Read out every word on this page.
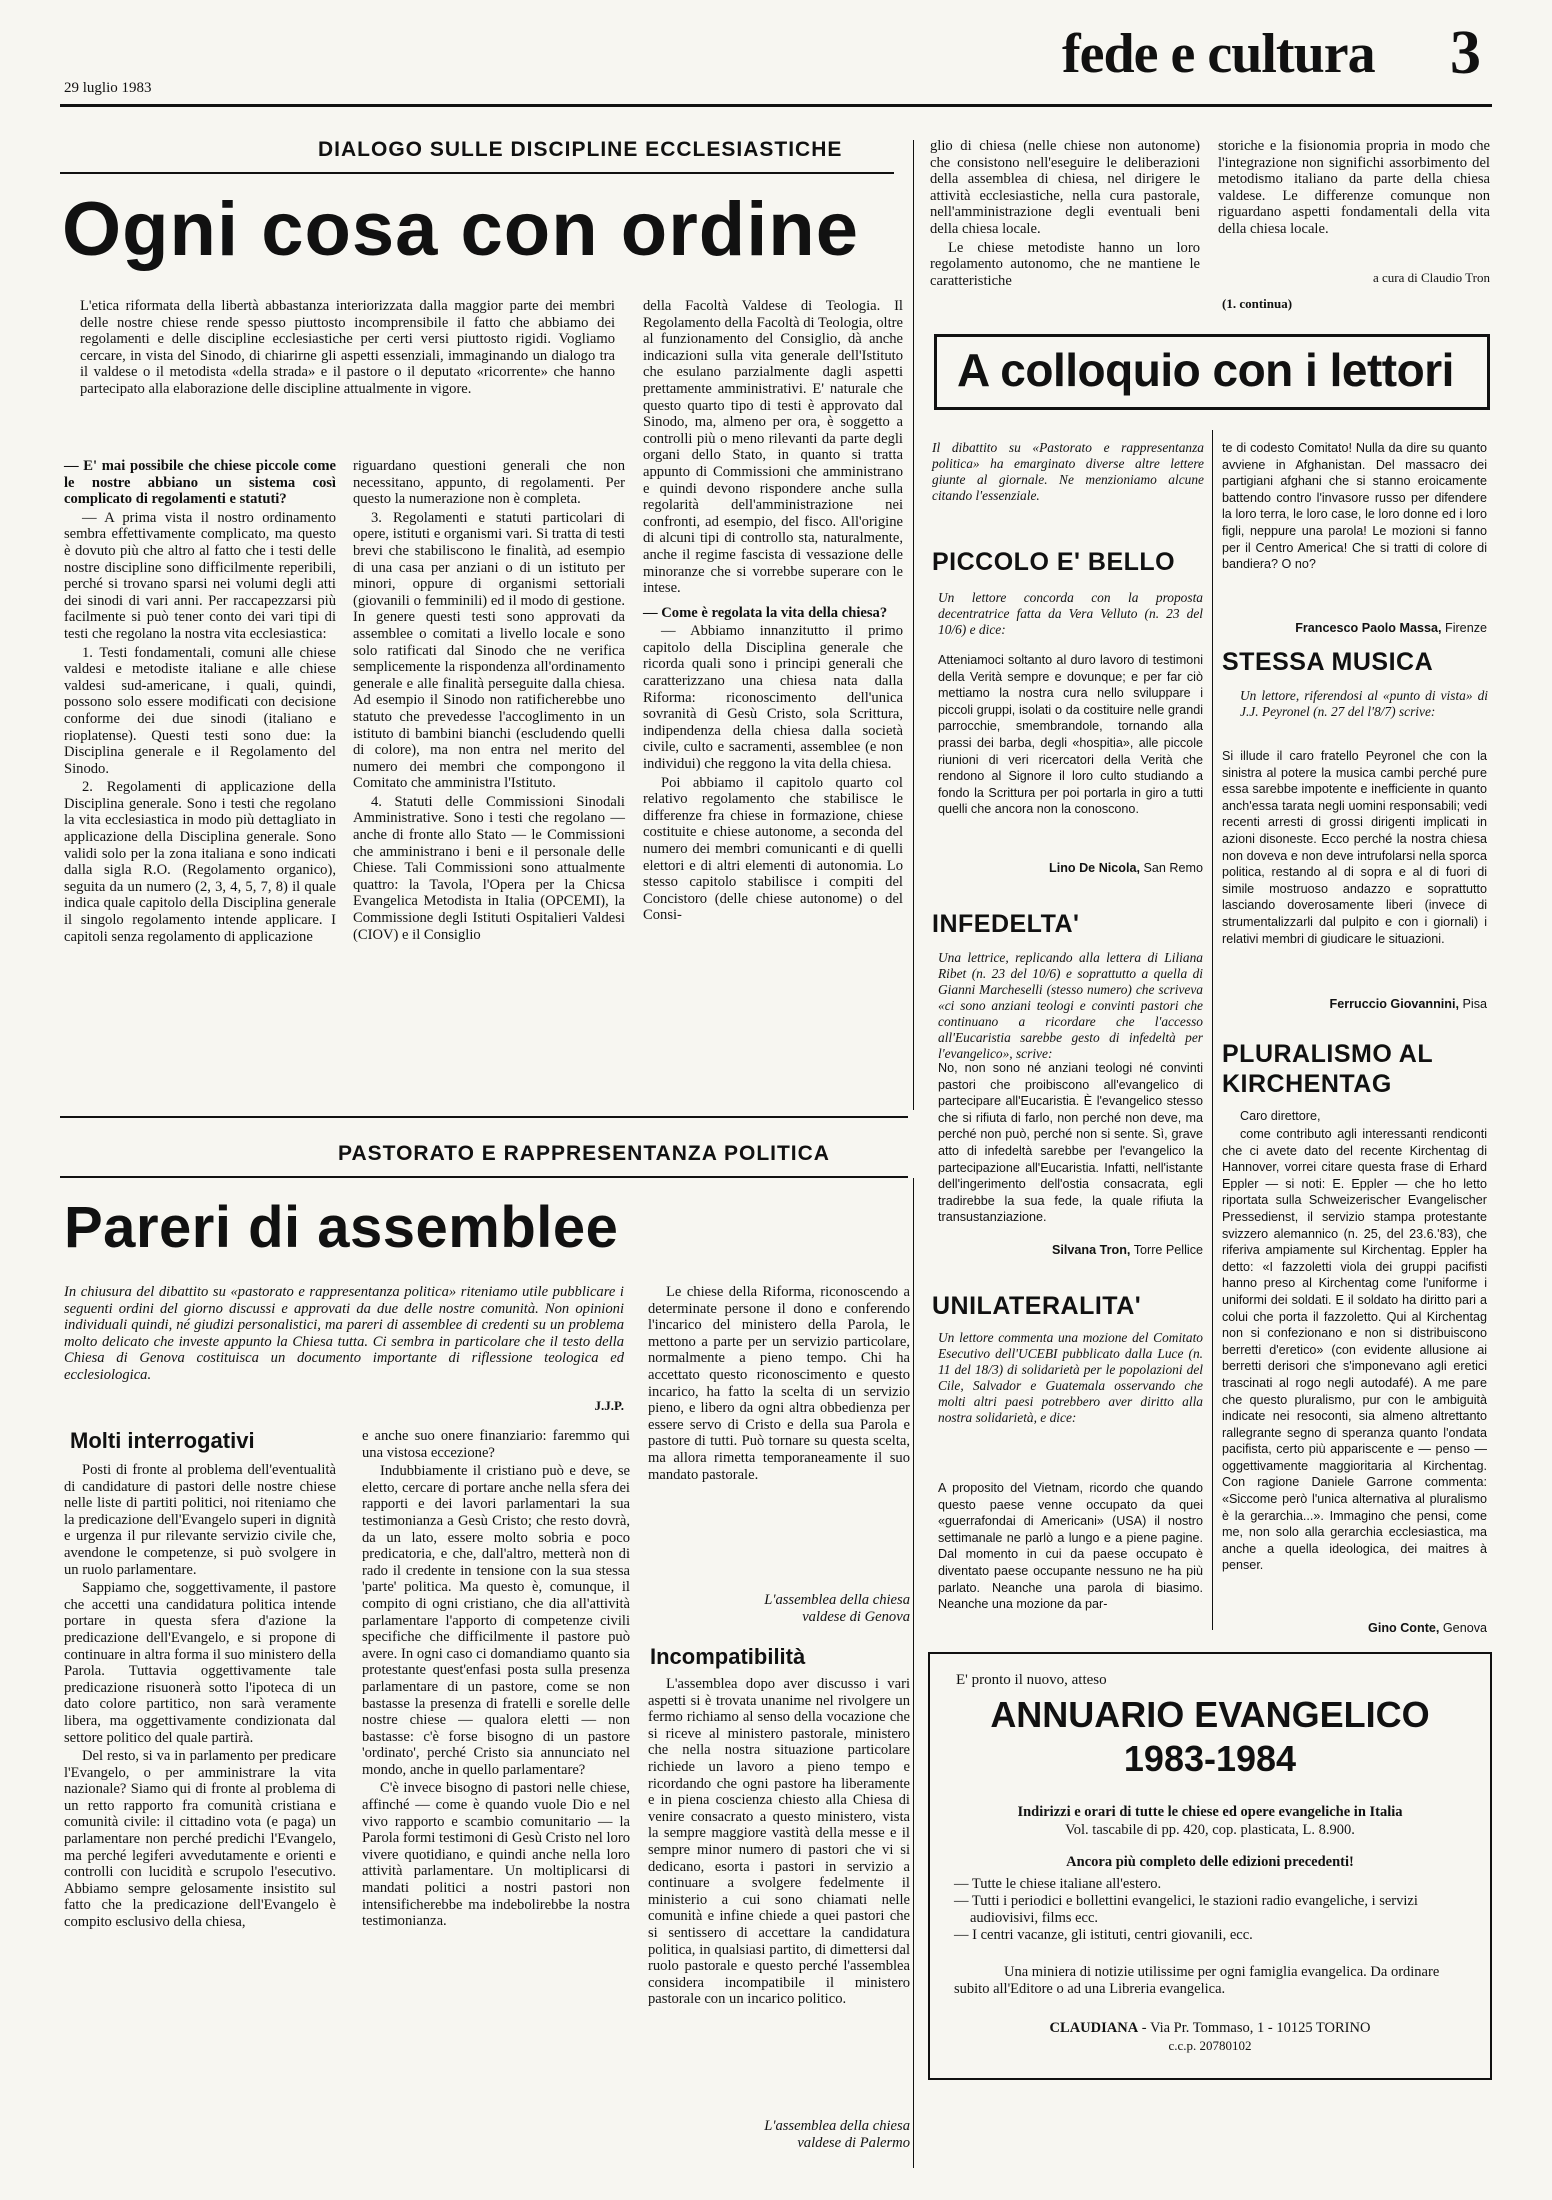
29 luglio 1983
fede e cultura 3
DIALOGO SULLE DISCIPLINE ECCLESIASTICHE
Ogni cosa con ordine
L'etica riformata della libertà abbastanza interiorizzata dalla maggior parte dei membri delle nostre chiese rende spesso piuttosto incomprensibile il fatto che abbiamo dei regolamenti e delle discipline ecclesiastiche per certi versi piuttosto rigidi. Vogliamo cercare, in vista del Sinodo, di chiarirne gli aspetti essenziali, immaginando un dialogo tra il valdese o il metodista «della strada» e il pastore o il deputato «ricorrente» che hanno partecipato alla elaborazione delle discipline attualmente in vigore.

— E' mai possibile che chiese piccole come le nostre abbiano un sistema così complicato di regolamenti e statuti?

— A prima vista il nostro ordinamento sembra effettivamente complicato, ma questo è dovuto più che altro al fatto che i testi delle nostre discipline sono difficilmente reperibili, perché si trovano sparsi nei volumi degli atti dei sinodi di vari anni. Per raccapezzarsi più facilmente si può tener conto dei vari tipi di testi che regolano la nostra vita ecclesiastica:

1. Testi fondamentali, comuni alle chiese valdesi e metodiste italiane e alle chiese valdesi sud-americane, i quali, quindi, possono solo essere modificati con decisione conforme dei due sinodi (italiano e rioplatense). Questi testi sono due: la Disciplina generale e il Regolamento del Sinodo.

2. Regolamenti di applicazione della Disciplina generale. Sono i testi che regolano la vita ecclesiastica in modo più dettagliato in applicazione della Disciplina generale. Sono validi solo per la zona italiana e sono indicati dalla sigla R.O. (Regolamento organico), seguita da un numero (2, 3, 4, 5, 7, 8) il quale indica quale capitolo della Disciplina generale il singolo regolamento intende applicare. I capitoli senza regolamento di applicazione

riguardano questioni generali che non necessitano, appunto, di regolamenti. Per questo la numerazione non è completa.

3. Regolamenti e statuti particolari di opere, istituti e organismi vari. Si tratta di testi brevi che stabiliscono le finalità, ad esempio di una casa per anziani o di un istituto per minori, oppure di organismi settoriali (giovanili o femminili) ed il modo di gestione. In genere questi testi sono approvati da assemblee o comitati a livello locale e sono solo ratificati dal Sinodo che ne verifica semplicemente la rispondenza all'ordinamento generale e alle finalità perseguite dalla chiesa. Ad esempio il Sinodo non ratificherebbe uno statuto che prevedesse l'accoglimento in un istituto di bambini bianchi (escludendo quelli di colore), ma non entra nel merito del numero dei membri che compongono il Comitato che amministra l'Istituto.

4. Statuti delle Commissioni Sinodali Amministrative. Sono i testi che regolano — anche di fronte allo Stato — le Commissioni che amministrano i beni e il personale delle Chiese. Tali Commissioni sono attualmente quattro: la Tavola, l'Opera per la Chicsa Evangelica Metodista in Italia (OPCEMI), la Commissione degli Istituti Ospitalieri Valdesi (CIOV) e il Consiglio

della Facoltà Valdese di Teologia. Il Regolamento della Facoltà di Teologia, oltre al funzionamento del Consiglio, dà anche indicazioni sulla vita generale dell'Istituto che esulano parzialmente dagli aspetti prettamente amministrativi. E' naturale che questo quarto tipo di testi è approvato dal Sinodo, ma, almeno per ora, è soggetto a controlli più o meno rilevanti da parte degli organi dello Stato, in quanto si tratta appunto di Commissioni che amministrano e quindi devono rispondere anche sulla regolarità dell'amministrazione nei confronti, ad esempio, del fisco. All'origine di alcuni tipi di controllo sta, naturalmente, anche il regime fascista di vessazione delle minoranze che si vorrebbe superare con le intese.

— Come è regolata la vita della chiesa?

— Abbiamo innanzitutto il primo capitolo della Disciplina generale che ricorda quali sono i principi generali che caratterizzano una chiesa nata dalla Riforma: riconoscimento dell'unica sovranità di Gesù Cristo, sola Scrittura, indipendenza della chiesa dalla società civile, culto e sacramenti, assemblee (e non individui) che reggono la vita della chiesa.

Poi abbiamo il capitolo quarto col relativo regolamento che stabilisce le differenze fra chiese in formazione, chiese costituite e chiese autonome, a seconda del numero dei membri comunicanti e di quelli elettori e di altri elementi di autonomia. Lo stesso capitolo stabilisce i compiti del Concistoro (delle chiese autonome) o del Consi-

glio di chiesa (nelle chiese non autonome) che consistono nell'eseguire le deliberazioni della assemblea di chiesa, nel dirigere le attività ecclesiastiche, nella cura pastorale, nell'amministrazione degli eventuali beni della chiesa locale.

Le chiese metodiste hanno un loro regolamento autonomo, che ne mantiene le caratteristiche

storiche e la fisionomia propria in modo che l'integrazione non significhi assorbimento del metodismo italiano da parte della chiesa valdese. Le differenze comunque non riguardano aspetti fondamentali della vita della chiesa locale.

a cura di Claudio Tron
(1. continua)
A colloquio con i lettori
Il dibattito su «Pastorato e rappresentanza politica» ha emarginato diverse altre lettere giunte al giornale. Ne menzioniamo alcune citando l'essenziale.
PICCOLO E' BELLO
Un lettore concorda con la proposta decentratrice fatta da Vera Velluto (n. 23 del 10/6) e dice:
Atteniamoci soltanto al duro lavoro di testimoni della Verità sempre e dovunque; e per far ciò mettiamo la nostra cura nello sviluppare i piccoli gruppi, isolati o da costituire nelle grandi parrocchie, smembrandole, tornando alla prassi dei barba, degli «hospitia», alle piccole riunioni di veri ricercatori della Verità che rendono al Signore il loro culto studiando a fondo la Scrittura per poi portarla in giro a tutti quelli che ancora non la conoscono.
Lino De Nicola, San Remo
INFEDELTA'
Una lettrice, replicando alla lettera di Liliana Ribet (n. 23 del 10/6) e soprattutto a quella di Gianni Marcheselli (stesso numero) che scriveva «ci sono anziani teologi e convinti pastori che continuano a ricordare che l'accesso all'Eucaristia sarebbe gesto di infedeltà per l'evangelico», scrive:
No, non sono né anziani teologi né convinti pastori che proibiscono all'evangelico di partecipare all'Eucaristia. È l'evangelico stesso che si rifiuta di farlo, non perché non deve, ma perché non può, perché non si sente. Sì, grave atto di infedeltà sarebbe per l'evangelico la partecipazione all'Eucaristia. Infatti, nell'istante dell'ingerimento dell'ostia consacrata, egli tradirebbe la sua fede, la quale rifiuta la transustanziazione.
Silvana Tron, Torre Pellice
UNILATERALITA'
Un lettore commenta una mozione del Comitato Esecutivo dell'UCEBI pubblicato dalla Luce (n. 11 del 18/3) di solidarietà per le popolazioni del Cile, Salvador e Guatemala osservando che molti altri paesi potrebbero aver diritto alla nostra solidarietà, e dice:
A proposito del Vietnam, ricordo che quando questo paese venne occupato da quei «guerrafondai di Americani» (USA) il nostro settimanale ne parlò a lungo e a piene pagine. Dal momento in cui da paese occupato è diventato paese occupante nessuno ne ha più parlato. Neanche una parola di biasimo. Neanche una mozione da par-
te di codesto Comitato! Nulla da dire su quanto avviene in Afghanistan. Del massacro dei partigiani afghani che si stanno eroicamente battendo contro l'invasore russo per difendere la loro terra, le loro case, le loro donne ed i loro figli, neppure una parola! Le mozioni si fanno per il Centro America! Che si tratti di colore di bandiera? O no?
Francesco Paolo Massa, Firenze
STESSA MUSICA
Un lettore, riferendosi al «punto di vista» di J.J. Peyronel (n. 27 del l'8/7) scrive:
Si illude il caro fratello Peyronel che con la sinistra al potere la musica cambi perché pure essa sarebbe impotente e inefficiente in quanto anch'essa tarata negli uomini responsabili; vedi recenti arresti di grossi dirigenti implicati in azioni disoneste. Ecco perché la nostra chiesa non doveva e non deve intrufolarsi nella sporca politica, restando al di sopra e al di fuori di simile mostruoso andazzo e soprattutto lasciando doverosamente liberi (invece di strumentalizzarli dal pulpito e con i giornali) i relativi membri di giudicare le situazioni.
Ferruccio Giovannini, Pisa
PLURALISMO AL
KIRCHENTAG
Caro direttore,
come contributo agli interessanti rendiconti che ci avete dato del recente Kirchentag di Hannover, vorrei citare questa frase di Erhard Eppler — si noti: E. Eppler — che ho letto riportata sulla Schweizerischer Evangelischer Pressedienst, il servizio stampa protestante svizzero alemannico (n. 25, del 23.6.'83), che riferiva ampiamente sul Kirchentag. Eppler ha detto: «I fazzoletti viola dei gruppi pacifisti hanno preso al Kirchentag come l'uniforme i uniformi dei soldati. E il soldato ha diritto pari a colui che porta il fazzoletto. Qui al Kirchentag non si confezionano e non si distribuiscono berretti d'eretico» (con evidente allusione ai berretti derisori che s'imponevano agli eretici trascinati al rogo negli autodafé). A me pare che questo pluralismo, pur con le ambiguità indicate nei resoconti, sia almeno altrettanto rallegrante segno di speranza quanto l'ondata pacifista, certo più appariscente e — penso — oggettivamente maggioritaria al Kirchentag. Con ragione Daniele Garrone commenta: «Siccome però l'unica alternativa al pluralismo è la gerarchia...». Immagino che pensi, come me, non solo alla gerarchia ecclesiastica, ma anche a quella ideologica, dei maitres à penser.
Gino Conte, Genova
PASTORATO E RAPPRESENTANZA POLITICA
Pareri di assemblee
In chiusura del dibattito su «pastorato e rappresentanza politica» riteniamo utile pubblicare i seguenti ordini del giorno discussi e approvati da due delle nostre comunità. Non opinioni individuali quindi, né giudizi personalistici, ma pareri di assemblee di credenti su un problema molto delicato che investe appunto la Chiesa tutta. Ci sembra in particolare che il testo della Chiesa di Genova costituisca un documento importante di riflessione teologica ed ecclesiologica.
J.J.P.
Molti interrogativi

Posti di fronte al problema dell'eventualità di candidature di pastori delle nostre chiese nelle liste di partiti politici, noi riteniamo che la predicazione dell'Evangelo superi in dignità e urgenza il pur rilevante servizio civile che, avendone le competenze, si può svolgere in un ruolo parlamentare.

Sappiamo che, soggettivamente, il pastore che accetti una candidatura politica intende portare in questa sfera d'azione la predicazione dell'Evangelo, e si propone di continuare in altra forma il suo ministero della Parola. Tuttavia oggettivamente tale predicazione risuonerà sotto l'ipoteca di un dato colore partitico, non sarà veramente libera, ma oggettivamente condizionata dal settore politico del quale partirà.

Del resto, si va in parlamento per predicare l'Evangelo, o per amministrare la vita nazionale? Siamo qui di fronte al problema di un retto rapporto fra comunità cristiana e comunità civile: il cittadino vota (e paga) un parlamentare non perché predichi l'Evangelo, ma perché legiferi avvedutamente e orienti e controlli con lucidità e scrupolo l'esecutivo. Abbiamo sempre gelosamente insistito sul fatto che la predicazione dell'Evangelo è compito esclusivo della chiesa,

e anche suo onere finanziario: faremmo qui una vistosa eccezione?

Indubbiamente il cristiano può e deve, se eletto, cercare di portare anche nella sfera dei rapporti e dei lavori parlamentari la sua testimonianza a Gesù Cristo; che resto dovrà, da un lato, essere molto sobria e poco predicatoria, e che, dall'altro, metterà non di rado il credente in tensione con la sua stessa 'parte' politica. Ma questo è, comunque, il compito di ogni cristiano, che dia all'attività parlamentare l'apporto di competenze civili specifiche che difficilmente il pastore può avere. In ogni caso ci domandiamo quanto sia protestante quest'enfasi posta sulla presenza parlamentare di un pastore, come se non bastasse la presenza di fratelli e sorelle delle nostre chiese — qualora eletti — non bastasse: c'è forse bisogno di un pastore 'ordinato', perché Cristo sia annunciato nel mondo, anche in quello parlamentare?

C'è invece bisogno di pastori nelle chiese, affinché — come è quando vuole Dio e nel vivo rapporto e scambio comunitario — la Parola formi testimoni di Gesù Cristo nel loro vivere quotidiano, e quindi anche nella loro attività parlamentare. Un moltiplicarsi di mandati politici a nostri pastori non intensificherebbe ma indebolirebbe la nostra testimonianza.

Le chiese della Riforma, riconoscendo a determinate persone il dono e conferendo l'incarico del ministero della Parola, le mettono a parte per un servizio particolare, normalmente a pieno tempo. Chi ha accettato questo riconoscimento e questo incarico, ha fatto la scelta di un servizio pieno, e libero da ogni altra obbedienza per essere servo di Cristo e della sua Parola e pastore di tutti. Può tornare su questa scelta, ma allora rimetta temporaneamente il suo mandato pastorale.
L'assemblea della chiesa
valdese di Genova
Incompatibilità
L'assemblea dopo aver discusso i vari aspetti si è trovata unanime nel rivolgere un fermo richiamo al senso della vocazione che si riceve al ministero pastorale, ministero che nella nostra situazione particolare richiede un lavoro a pieno tempo e ricordando che ogni pastore ha liberamente e in piena coscienza chiesto alla Chiesa di venire consacrato a questo ministero, vista la sempre maggiore vastità della messe e il sempre minor numero di pastori che vi si dedicano, esorta i pastori in servizio a continuare a svolgere fedelmente il ministerio a cui sono chiamati nelle comunità e infine chiede a quei pastori che si sentissero di accettare la candidatura politica, in qualsiasi partito, di dimettersi dal ruolo pastorale e questo perché l'assemblea considera incompatibile il ministero pastorale con un incarico politico.
L'assemblea della chiesa
valdese di Palermo
E' pronto il nuovo, atteso
ANNUARIO EVANGELICO
1983-1984
Indirizzi e orari di tutte le chiese ed opere evangeliche in Italia
Vol. tascabile di pp. 420, cop. plasticata, L. 8.900.
Ancora più completo delle edizioni precedenti!
— Tutte le chiese italiane all'estero.
— Tutti i periodici e bollettini evangelici, le stazioni radio evangeliche, i servizi audiovisivi, films ecc.
— I centri vacanze, gli istituti, centri giovanili, ecc.
Una miniera di notizie utilissime per ogni famiglia evangelica. Da ordinare subito all'Editore o ad una Libreria evangelica.
CLAUDIANA - Via Pr. Tommaso, 1 - 10125 TORINO
c.c.p. 20780102
